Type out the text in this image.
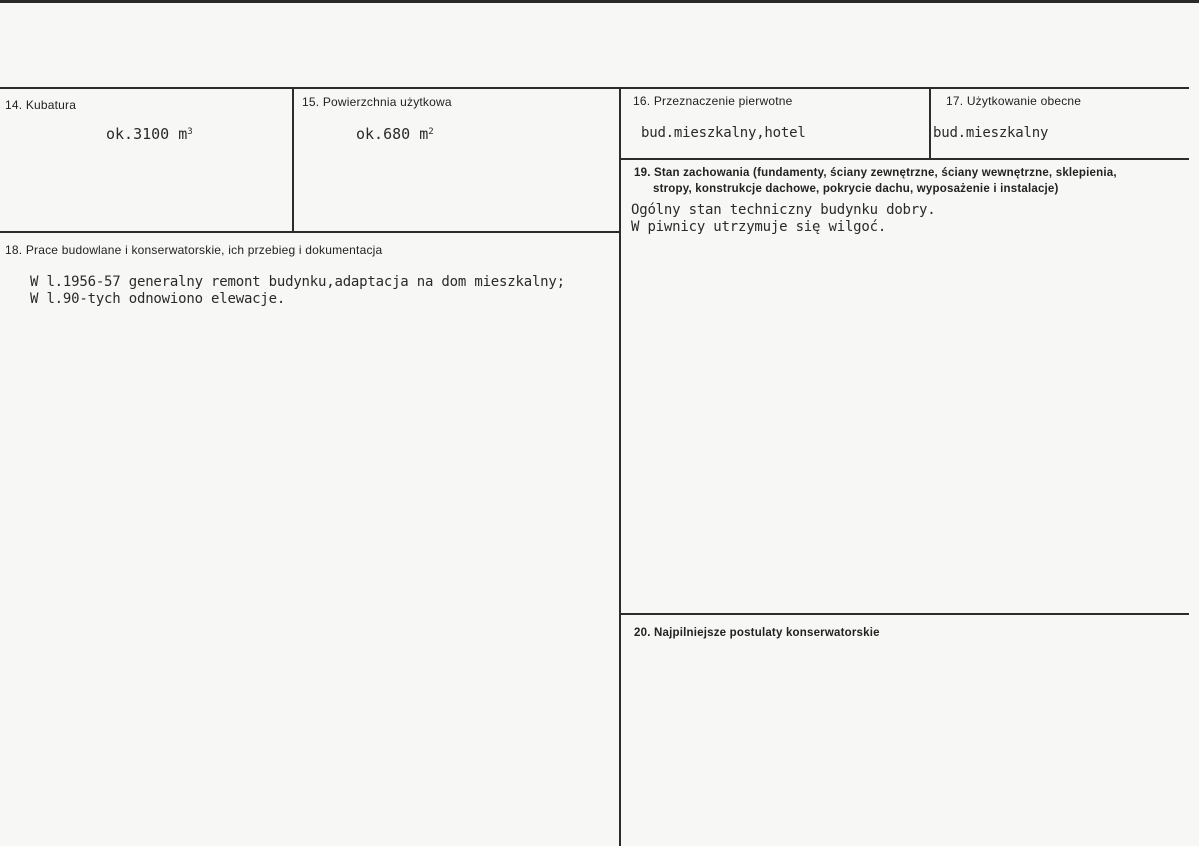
14. Kubatura
ok.3100 $m^3$
15. Powierzchnia użytkowa
ok.680 $m^2$
16. Przeznaczenie pierwotne
bud.mieszkalny,hotel
17. Użytkowanie obecne
bud.mieszkalny
18. Prace budowlane i konserwatorskie, ich przebieg i dokumentacja
W l.1956-57 generalny remont budynku,adaptacja na dom mieszkalny;
W l.90-tych odnowiono elewacje.
19. Stan zachowania (fundamenty, ściany zewnętrzne, ściany wewnętrzne, sklepienia,
stropy, konstrukcje dachowe, pokrycie dachu, wyposażenie i instalacje)
Ogólny stan techniczny budynku dobry.
W piwnicy utrzymuje się wilgoć.
20. Najpilniejsze postulaty konserwatorskie
